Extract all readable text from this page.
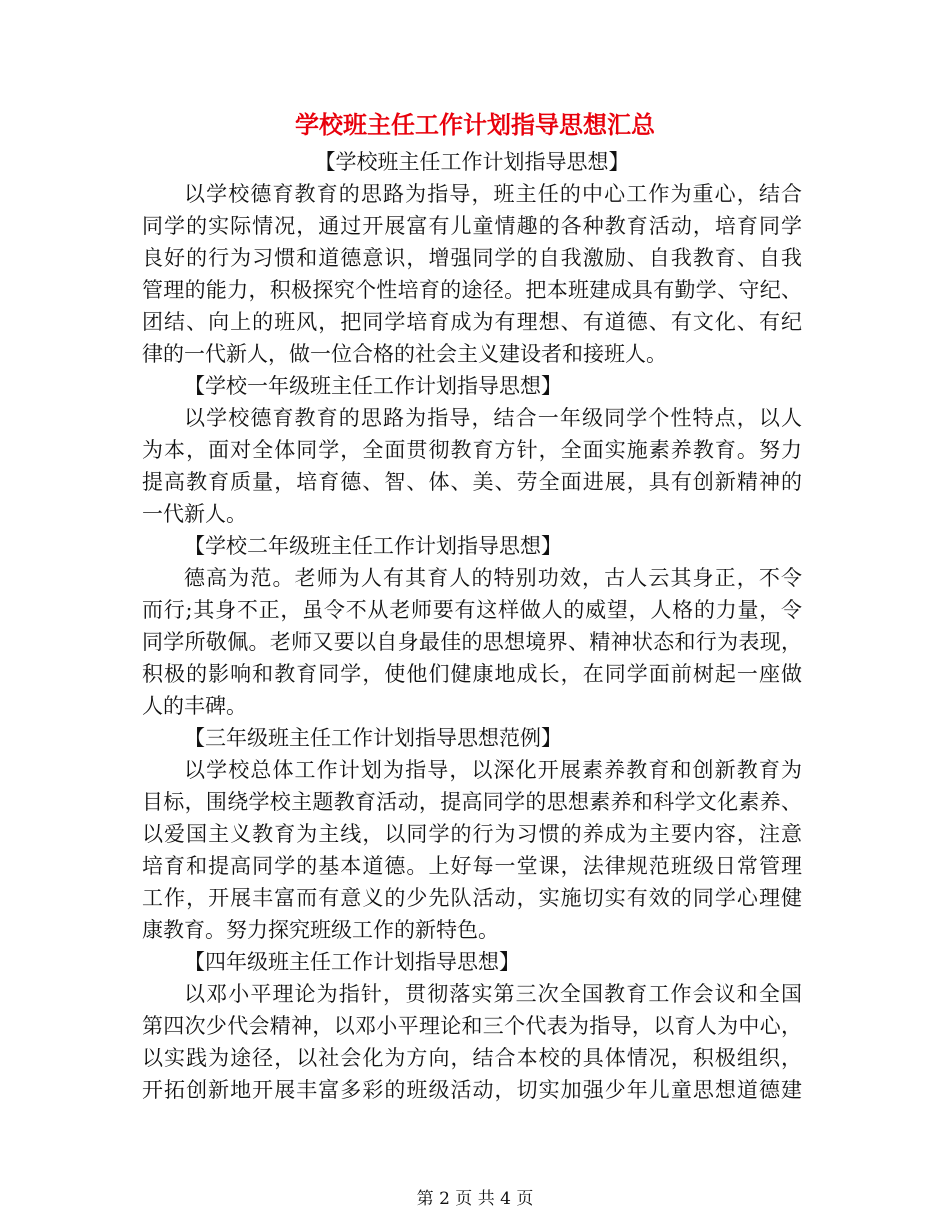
学校班主任工作计划指导思想汇总
【学校班主任工作计划指导思想】
以学校德育教育的思路为指导，班主任的中心工作为重心，结合
同学的实际情况，通过开展富有儿童情趣的各种教育活动，培育同学
良好的行为习惯和道德意识，增强同学的自我激励、自我教育、自我
管理的能力，积极探究个性培育的途径。把本班建成具有勤学、守纪、
团结、向上的班风，把同学培育成为有理想、有道德、有文化、有纪
律的一代新人，做一位合格的社会主义建设者和接班人。
【学校一年级班主任工作计划指导思想】
以学校德育教育的思路为指导，结合一年级同学个性特点，以人
为本，面对全体同学，全面贯彻教育方针，全面实施素养教育。努力
提高教育质量，培育德、智、体、美、劳全面进展，具有创新精神的
一代新人。
【学校二年级班主任工作计划指导思想】
德高为范。老师为人有其育人的特别功效，古人云其身正，不令
而行;其身不正，虽令不从老师要有这样做人的威望，人格的力量，令
同学所敬佩。老师又要以自身最佳的思想境界、精神状态和行为表现，
积极的影响和教育同学，使他们健康地成长，在同学面前树起一座做
人的丰碑。
【三年级班主任工作计划指导思想范例】
以学校总体工作计划为指导，以深化开展素养教育和创新教育为
目标，围绕学校主题教育活动，提高同学的思想素养和科学文化素养、
以爱国主义教育为主线，以同学的行为习惯的养成为主要内容，注意
培育和提高同学的基本道德。上好每一堂课，法律规范班级日常管理
工作，开展丰富而有意义的少先队活动，实施切实有效的同学心理健
康教育。努力探究班级工作的新特色。
【四年级班主任工作计划指导思想】
以邓小平理论为指针，贯彻落实第三次全国教育工作会议和全国
第四次少代会精神，以邓小平理论和三个代表为指导，以育人为中心，
以实践为途径，以社会化为方向，结合本校的具体情况，积极组织，
开拓创新地开展丰富多彩的班级活动，切实加强少年儿童思想道德建
第 2 页 共 4 页
